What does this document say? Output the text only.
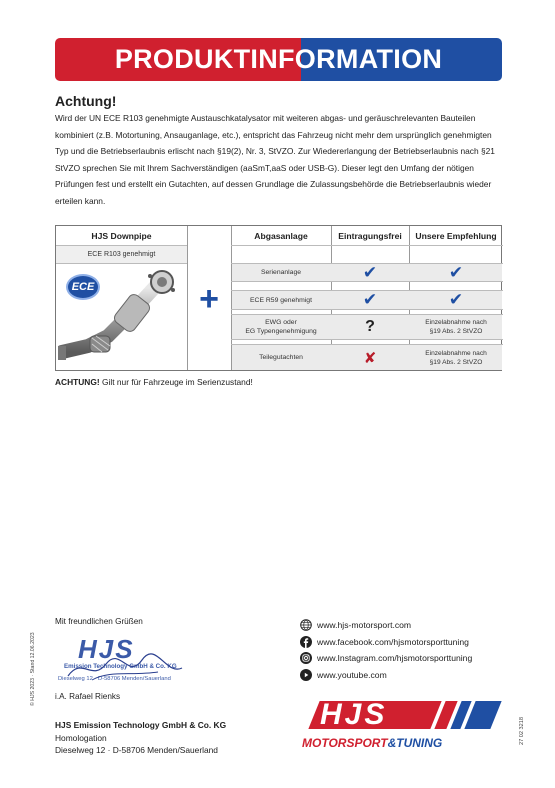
PRODUKTINFORMATION
Achtung!
Wird der UN ECE R103 genehmigte Austauschkatalysator mit weiteren abgas- und geräuschrelevanten Bauteilen kombiniert (z.B. Motortuning, Ansauganlage, etc.), entspricht das Fahrzeug nicht mehr dem ursprünglich genehmigten Typ und die Betriebserlaubnis erlischt nach §19(2), Nr. 3, StVZO. Zur Wiedererlangung der Betriebserlaubnis nach §21 StVZO sprechen Sie mit Ihrem Sachverständigen (aaSmT,aaS oder USB-G). Dieser legt den Umfang der nötigen Prüfungen fest und erstellt ein Gutachten, auf dessen Grundlage die Zulassungsbehörde die Betriebserlaubnis wieder erteilen kann.
HJS Downpipe
ECE R103 genehmigt
ECE	+
Abgasanlage	Eintragungsfrei	Unsere Empfehlung
Serienanlage	✔	✔
ECE R59 genehmigt	✔	✔
EWG oder
EG Typengenehmigung	?	Einzelabnahme nach
§19 Abs. 2 StVZO
Teilegutachten	✘	Einzelabnahme nach
§19 Abs. 2 StVZO
ACHTUNG! Gilt nur für Fahrzeuge im Serienzustand!
Mit freundlichen Grüßen
HJS
Emission Technology GmbH & Co. KG
Dieselweg 12 · D-58706 Menden/Sauerland
i.A. Rafael Rienks
HJS Emission Technology GmbH & Co. KG
Homologation
Dieselweg 12 · D-58706 Menden/Sauerland
© HJS 2023 · Stand 12.06.2023
27 02 3218
www.hjs-motorsport.com
www.facebook.com/hjsmotorsporttuning
www.Instagram.com/hjsmotorsporttuning
www.youtube.com
HJS
MOTORSPORT&TUNING
